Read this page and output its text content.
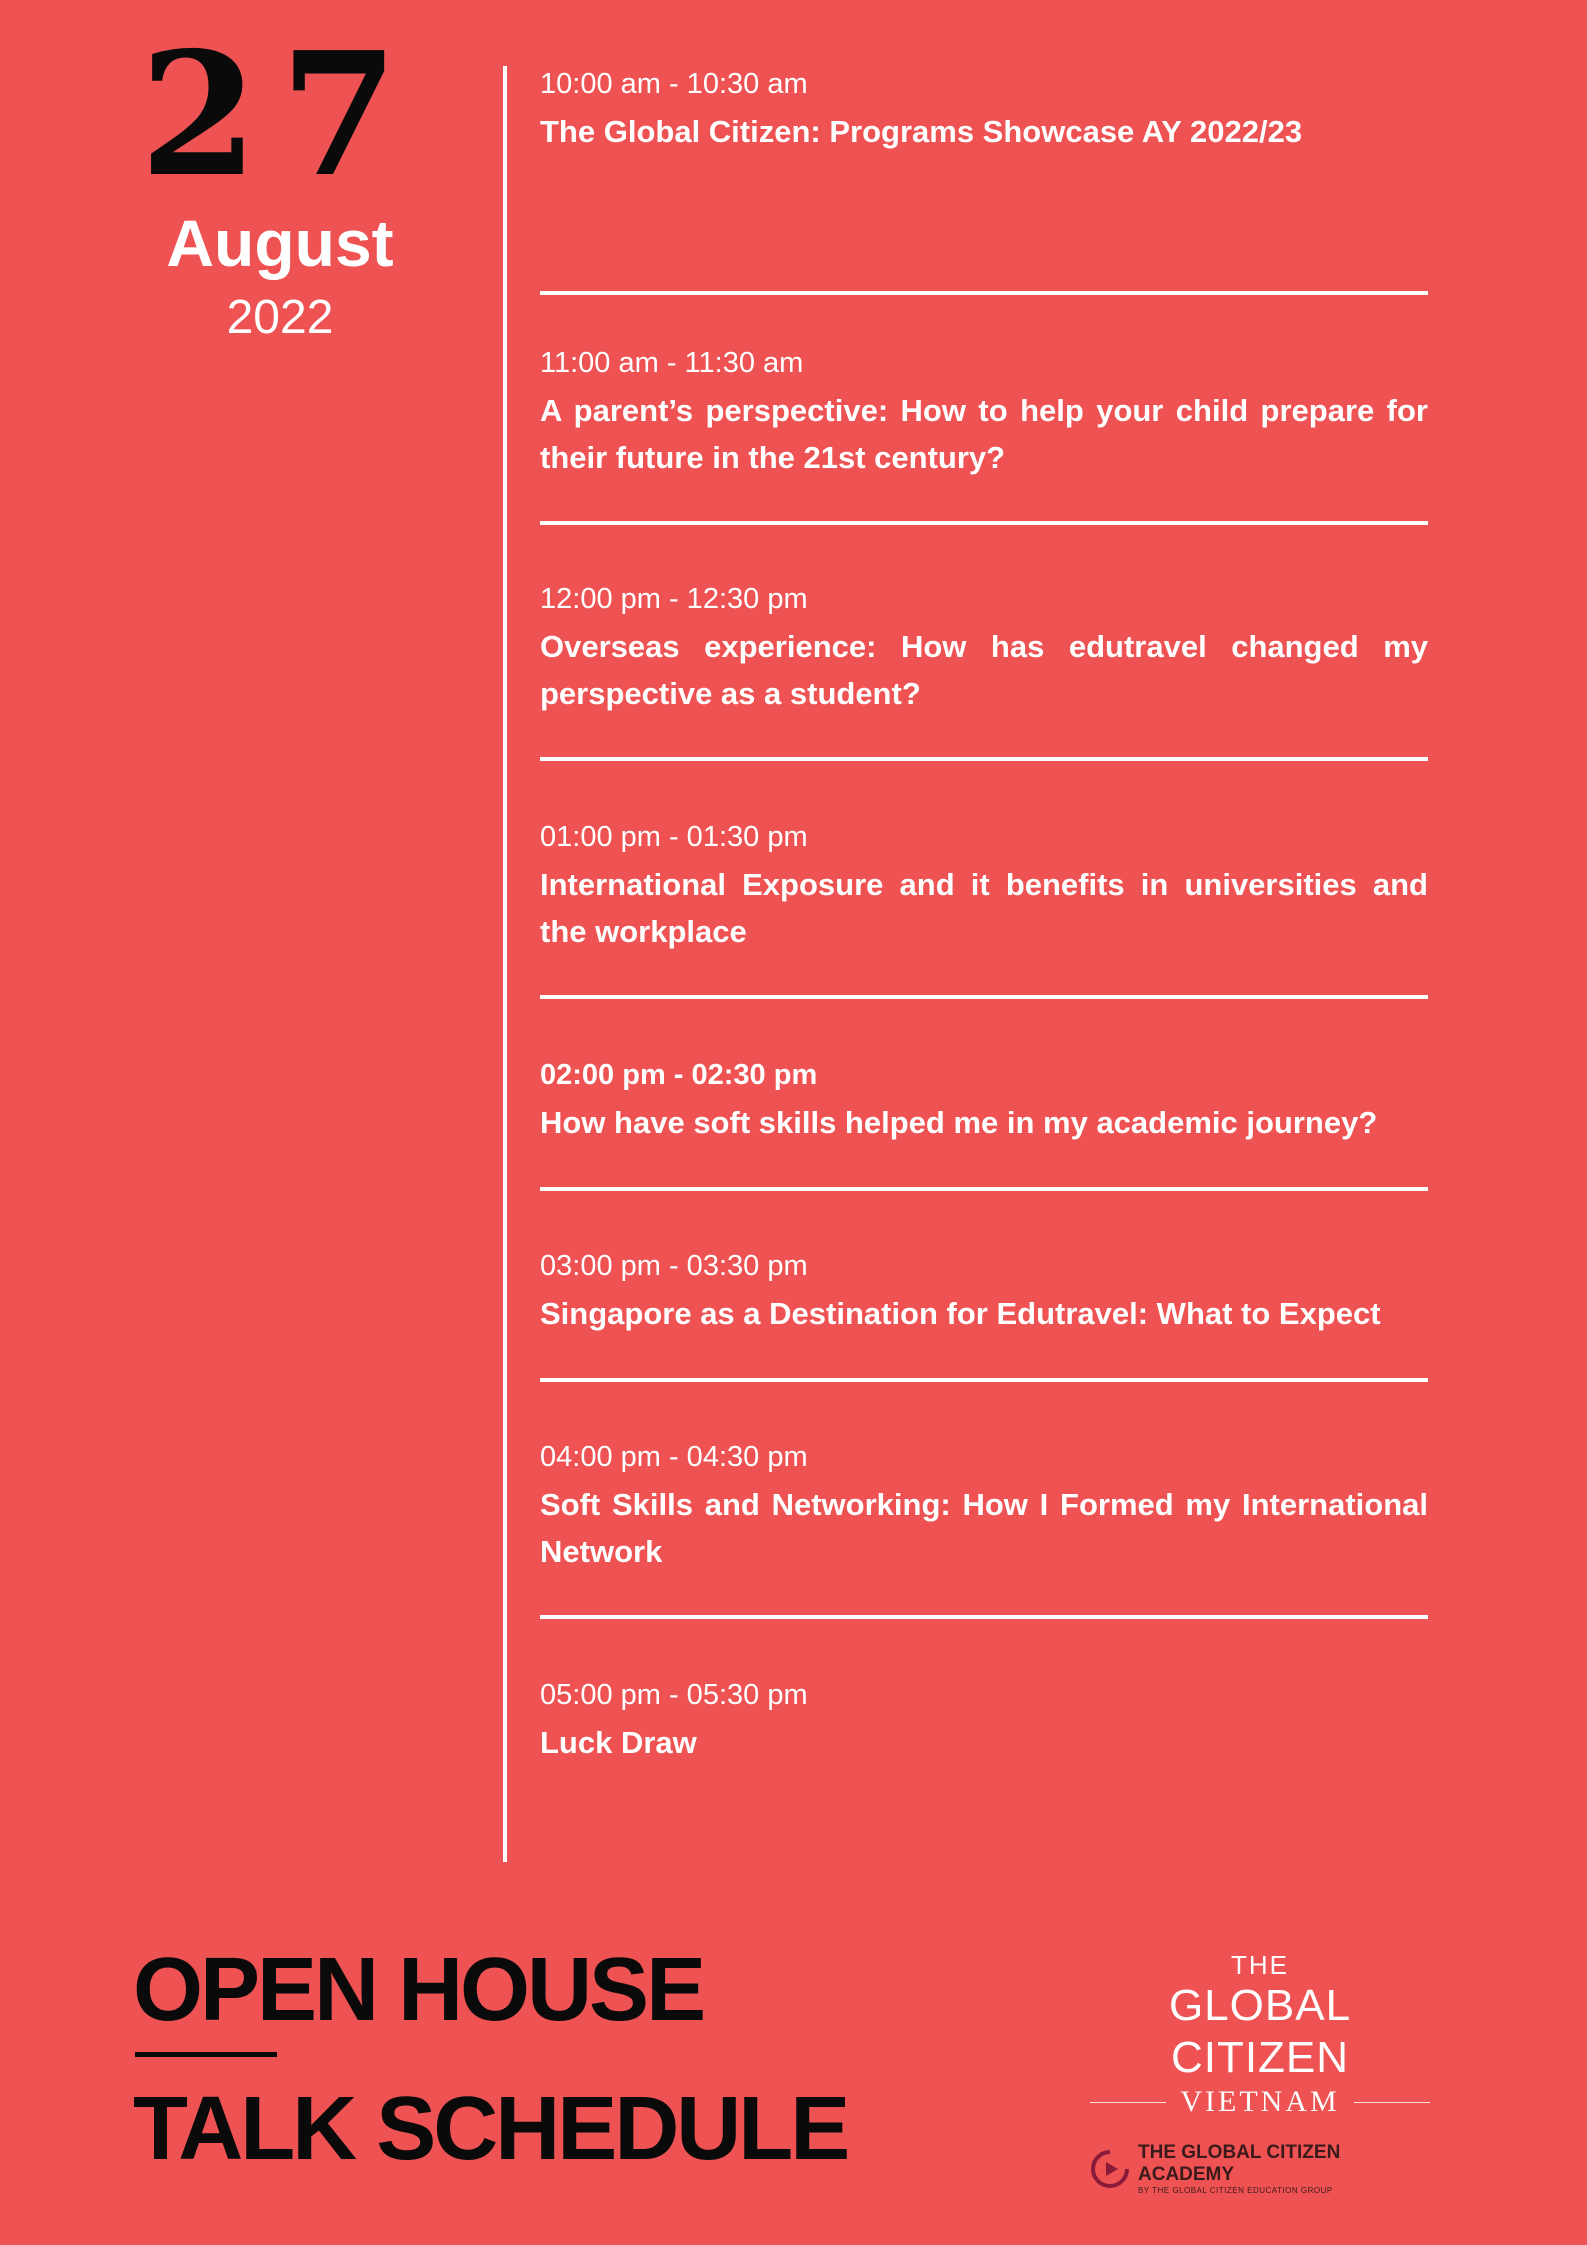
27
August
2022
10:00 am - 10:30 am
The Global Citizen: Programs Showcase AY 2022/23
11:00 am - 11:30 am
A parent’s perspective: How to help your child prepare for their future in the 21st century?
12:00 pm - 12:30 pm
Overseas experience: How has edutravel changed my perspective as a student?
01:00 pm - 01:30 pm
International Exposure and it benefits in universities and the workplace
02:00 pm - 02:30 pm
How have soft skills helped me in my academic journey?
03:00 pm - 03:30 pm
Singapore as a Destination for Edutravel: What to Expect
04:00 pm - 04:30 pm
Soft Skills and Networking: How I Formed my International Network
05:00 pm - 05:30 pm
Luck Draw
OPEN HOUSE
TALK SCHEDULE
THE
GLOBAL CITIZEN
VIETNAM
THE GLOBAL CITIZEN ACADEMY
BY THE GLOBAL CITIZEN EDUCATION GROUP
